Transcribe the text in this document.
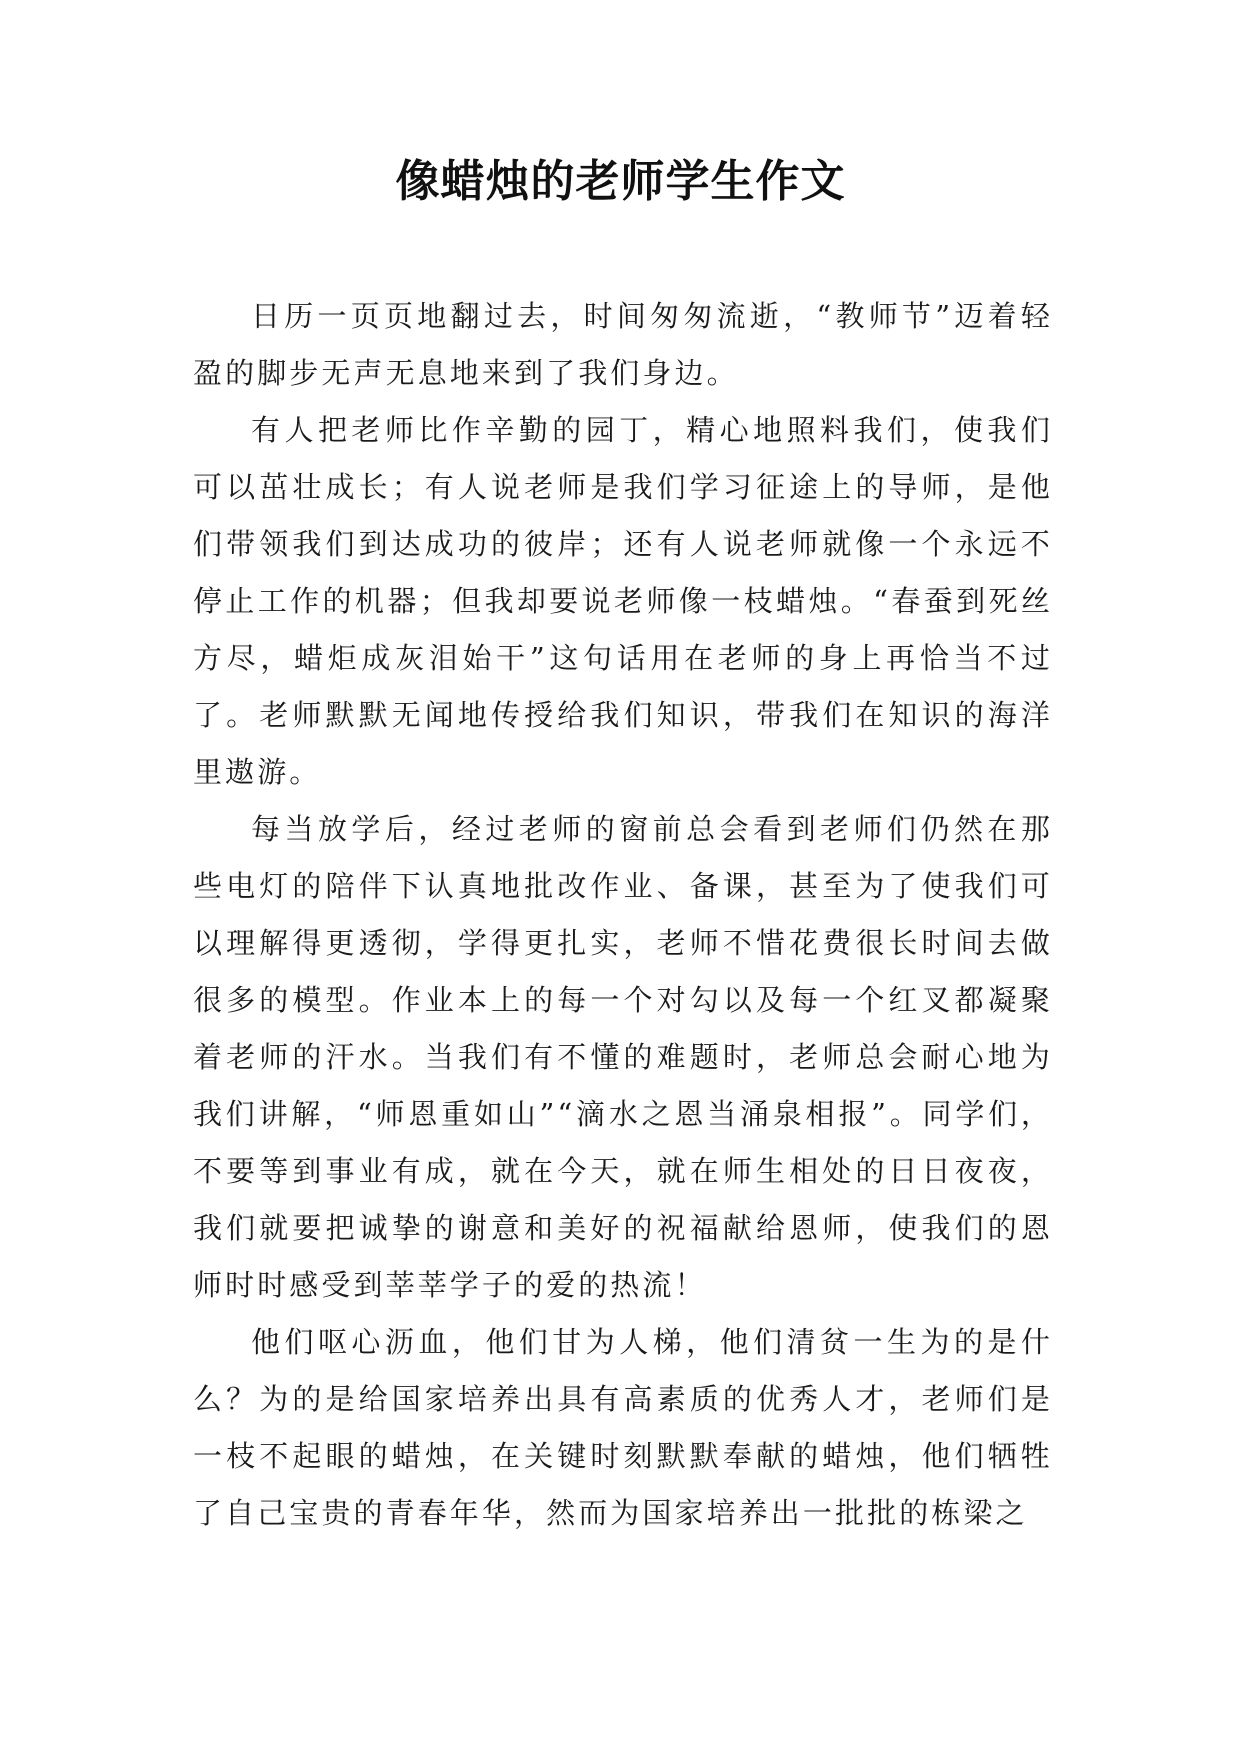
像蜡烛的老师学生作文

日历一页页地翻过去，时间匆匆流逝，“教师节”迈着轻盈的脚步无声无息地来到了我们身边。

有人把老师比作辛勤的园丁，精心地照料我们，使我们可以茁壮成长；有人说老师是我们学习征途上的导师，是他们带领我们到达成功的彼岸；还有人说老师就像一个永远不停止工作的机器；但我却要说老师像一枝蜡烛。“春蚕到死丝方尽，蜡炬成灰泪始干”这句话用在老师的身上再恰当不过了。老师默默无闻地传授给我们知识，带我们在知识的海洋里遨游。

每当放学后，经过老师的窗前总会看到老师们仍然在那些电灯的陪伴下认真地批改作业、备课，甚至为了使我们可以理解得更透彻，学得更扎实，老师不惜花费很长时间去做很多的模型。作业本上的每一个对勾以及每一个红叉都凝聚着老师的汗水。当我们有不懂的难题时，老师总会耐心地为我们讲解，“师恩重如山”“滴水之恩当涌泉相报”。同学们，不要等到事业有成，就在今天，就在师生相处的日日夜夜，我们就要把诚挚的谢意和美好的祝福献给恩师，使我们的恩师时时感受到莘莘学子的爱的热流！

他们呕心沥血，他们甘为人梯，他们清贫一生为的是什么？为的是给国家培养出具有高素质的优秀人才，老师们是一枝不起眼的蜡烛，在关键时刻默默奉献的蜡烛，他们牺牲了自己宝贵的青春年华，然而为国家培养出一批批的栋梁之
